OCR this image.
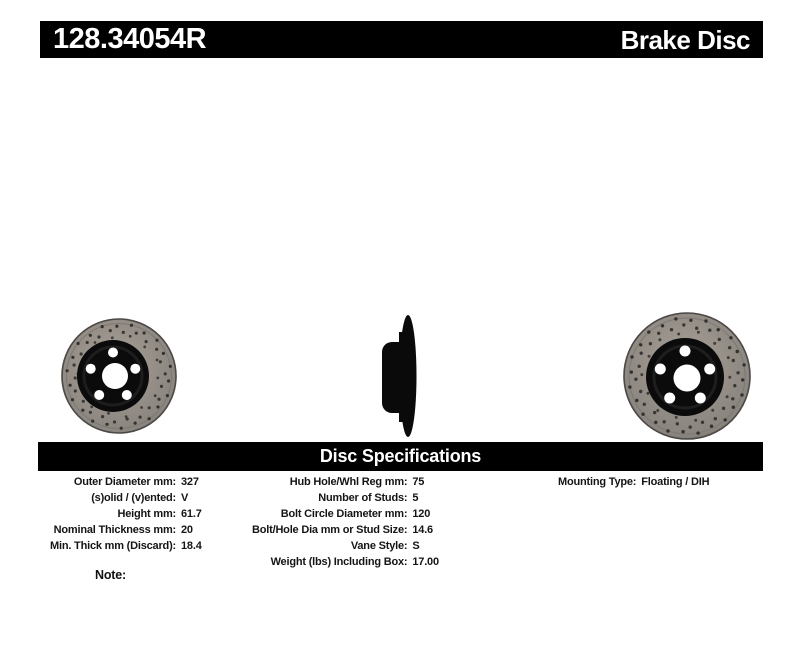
128.34054R	Brake Disc
Disc Specifications
Outer Diameter mm: 327
(s)olid / (v)ented: V
Height mm: 61.7
Nominal Thickness mm: 20
Min. Thick mm (Discard): 18.4
Hub Hole/Whl Reg mm: 75
Number of Studs: 5
Bolt Circle Diameter mm: 120
Bolt/Hole Dia mm or Stud Size: 14.6
Vane Style: S
Weight (lbs) Including Box: 17.00
Mounting Type: Floating / DIH
Note:
